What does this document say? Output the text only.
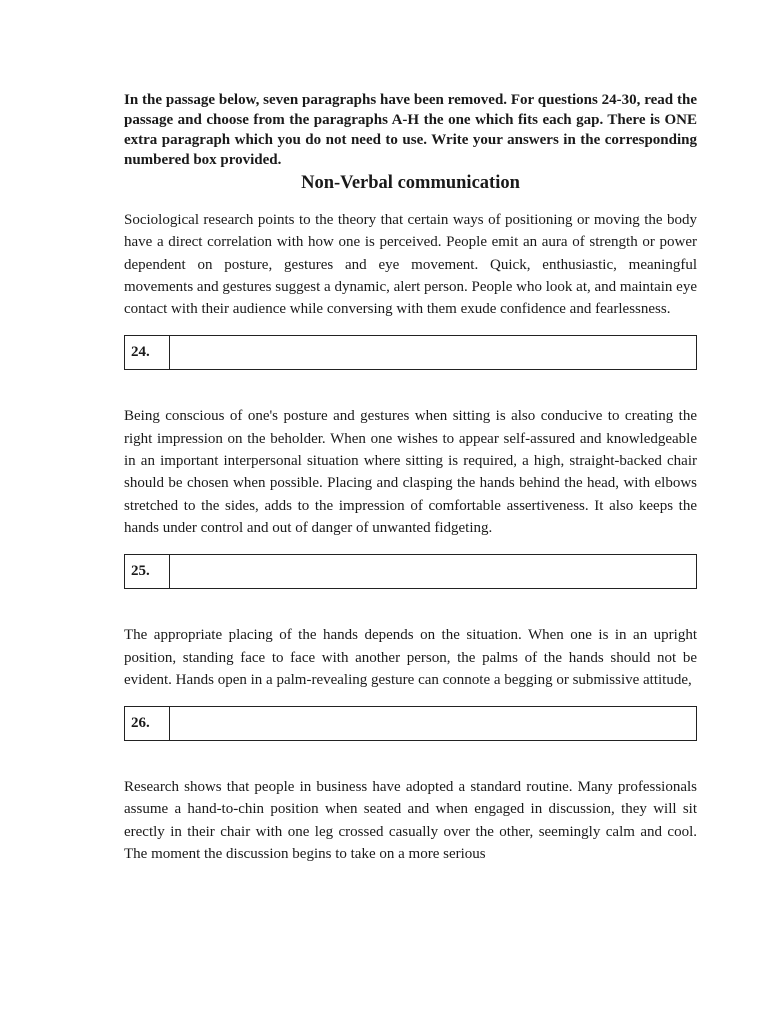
In the passage below, seven paragraphs have been removed. For questions 24-30, read the passage and choose from the paragraphs A-H the one which fits each gap. There is ONE extra paragraph which you do not need to use. Write your answers in the corresponding numbered box provided.

Non-Verbal communication

Sociological research points to the theory that certain ways of positioning or moving the body have a direct correlation with how one is perceived. People emit an aura of strength or power dependent on posture, gestures and eye movement. Quick, enthusiastic, meaningful movements and gestures suggest a dynamic, alert person. People who look at, and maintain eye contact with their audience while conversing with them exude confidence and fearlessness.

24.

Being conscious of one's posture and gestures when sitting is also conducive to creating the right impression on the beholder. When one wishes to appear self-assured and knowledgeable in an important interpersonal situation where sitting is required, a high, straight-backed chair should be chosen when possible. Placing and clasping the hands behind the head, with elbows stretched to the sides, adds to the impression of comfortable assertiveness. It also keeps the hands under control and out of danger of unwanted fidgeting.

25.

The appropriate placing of the hands depends on the situation. When one is in an upright position, standing face to face with another person, the palms of the hands should not be evident. Hands open in a palm-revealing gesture can connote a begging or submissive attitude,

26.

Research shows that people in business have adopted a standard routine. Many professionals assume a hand-to-chin position when seated and when engaged in discussion, they will sit erectly in their chair with one leg crossed casually over the other, seemingly calm and cool. The moment the discussion begins to take on a more serious
